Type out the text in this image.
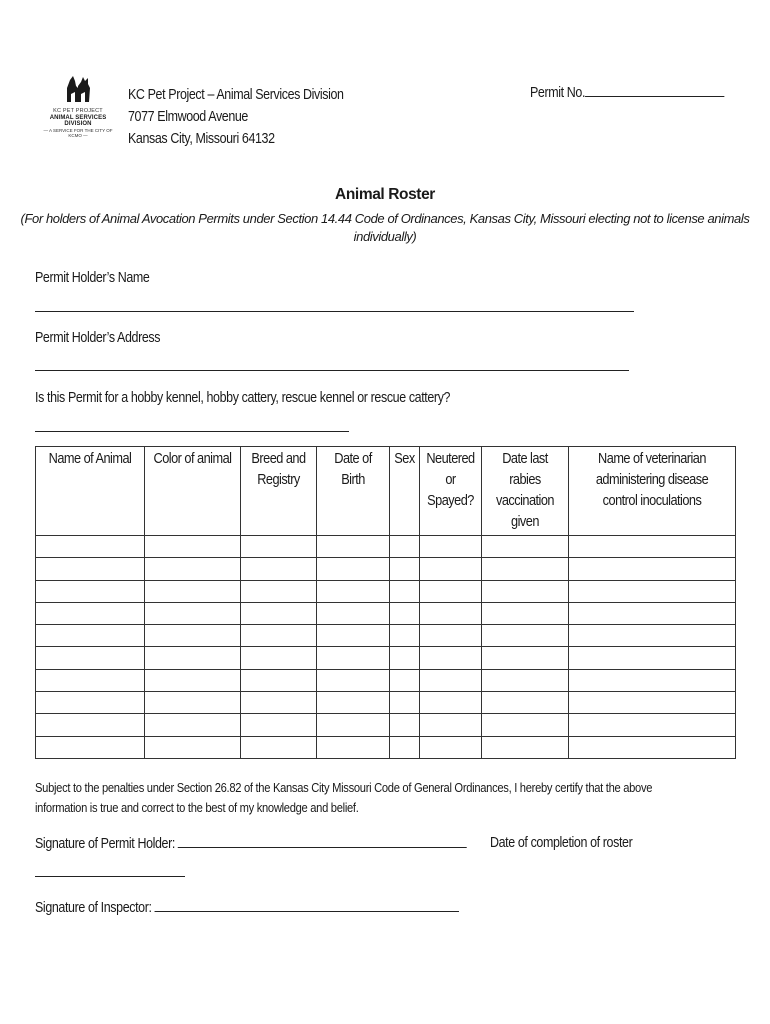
KC PET PROJECT
ANIMAL SERVICES DIVISION
— A SERVICE FOR THE CITY OF KCMO —
KC Pet Project – Animal Services Division
7077 Elmwood Avenue
Kansas City, Missouri 64132
Permit No.
Animal Roster
(For holders of Animal Avocation Permits under Section 14.44 Code of Ordinances, Kansas City, Missouri electing not to license animals
individually)
Permit Holder’s Name
Permit Holder’s Address
Is this Permit for a hobby kennel, hobby cattery, rescue kennel or rescue cattery?
Name of Animal	Color of animal	Breed and
Registry	Date of
Birth	Sex	Neutered
or
Spayed?	Date last
rabies
vaccination
given	Name of veterinarian
administering disease
control inoculations

Subject to the penalties under Section 26.82 of the Kansas City Missouri Code of General Ordinances, I hereby certify that the above
information is true and correct to the best of my knowledge and belief.
Signature of Permit Holder:	Date of completion of roster
Signature of Inspector:
